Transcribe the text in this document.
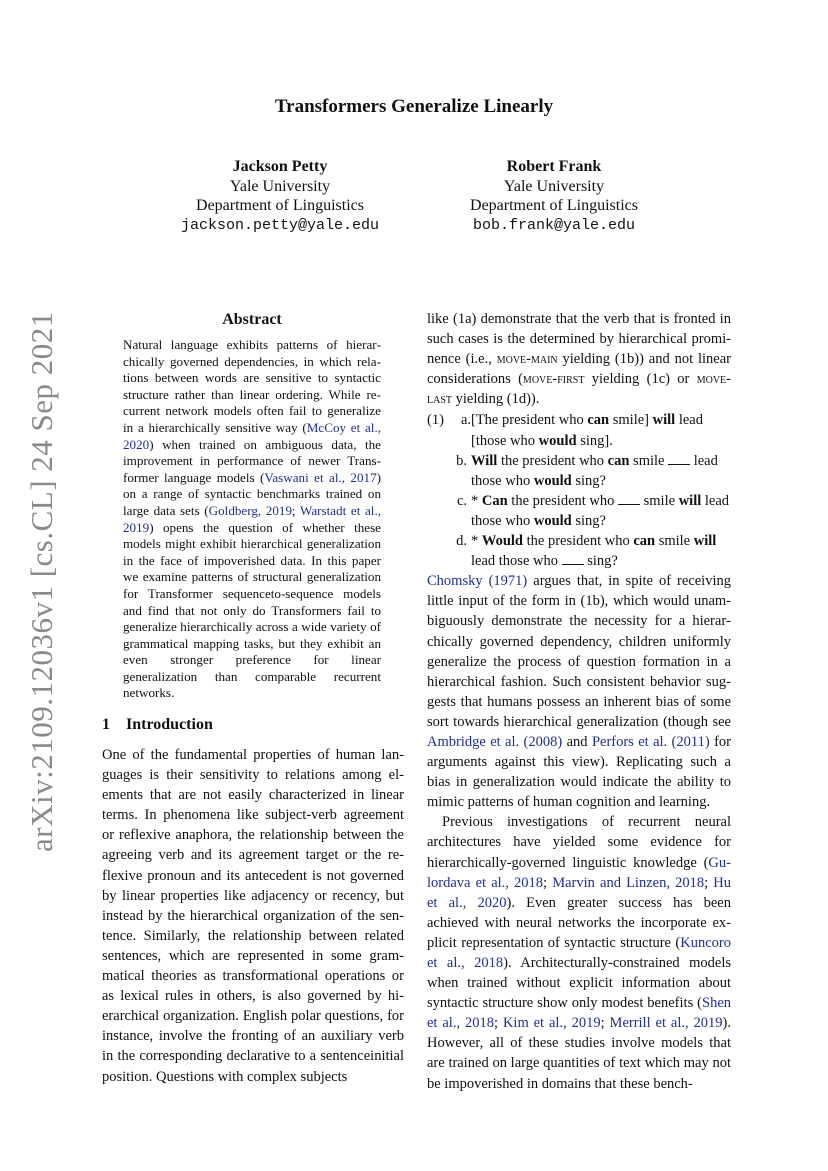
arXiv:2109.12036v1 [cs.CL] 24 Sep 2021
Transformers Generalize Linearly
Jackson Petty
Yale University
Department of Linguistics
jackson.petty@yale.edu
Robert Frank
Yale University
Department of Linguistics
bob.frank@yale.edu
Abstract

Natural language exhibits patterns of hierarchically governed dependencies, in which relations between words are sensitive to syntactic structure rather than linear ordering. While recurrent network models often fail to generalize in a hierarchically sensitive way (McCoy et al., 2020) when trained on ambiguous data, the improvement in performance of newer Transformer language models (Vaswani et al., 2017) on a range of syntactic benchmarks trained on large data sets (Goldberg, 2019; Warstadt et al., 2019) opens the question of whether these models might exhibit hierarchical generalization in the face of impoverished data. In this paper we examine patterns of structural generalization for Transformer sequenceto-sequence models and find that not only do Transformers fail to generalize hierarchically across a wide variety of grammatical mapping tasks, but they exhibit an even stronger preference for linear generalization than comparable recurrent networks.

1 Introduction

One of the fundamental properties of human languages is their sensitivity to relations among elements that are not easily characterized in linear terms. In phenomena like subject-verb agreement or reflexive anaphora, the relationship between the agreeing verb and its agreement target or the reflexive pronoun and its antecedent is not governed by linear properties like adjacency or recency, but instead by the hierarchical organization of the sentence. Similarly, the relationship between related sentences, which are represented in some grammatical theories as transformational operations or as lexical rules in others, is also governed by hierarchical organization. English polar questions, for instance, involve the fronting of an auxiliary verb in the corresponding declarative to a sentenceinitial position. Questions with complex subjects

like (1a) demonstrate that the verb that is fronted in such cases is the determined by hierarchical prominence (i.e., move-main yielding (1b)) and not linear considerations (move-first yielding (1c) or move-last yielding (1d)).

(1)	a. [The president who can smile] will lead [those who would sing].
b. Will the president who can smile  lead those who would sing?
c. * Can the president who  smile will lead those who would sing?
d. * Would the president who can smile will lead those who  sing?

Chomsky (1971) argues that, in spite of receiving little input of the form in (1b), which would unambiguously demonstrate the necessity for a hierarchically governed dependency, children uniformly generalize the process of question formation in a hierarchical fashion. Such consistent behavior suggests that humans possess an inherent bias of some sort towards hierarchical generalization (though see Ambridge et al. (2008) and Perfors et al. (2011) for arguments against this view). Replicating such a bias in generalization would indicate the ability to mimic patterns of human cognition and learning.

Previous investigations of recurrent neural architectures have yielded some evidence for hierarchically-governed linguistic knowledge (Gulordava et al., 2018; Marvin and Linzen, 2018; Hu et al., 2020). Even greater success has been achieved with neural networks the incorporate explicit representation of syntactic structure (Kuncoro et al., 2018). Architecturally-constrained models when trained without explicit information about syntactic structure show only modest benefits (Shen et al., 2018; Kim et al., 2019; Merrill et al., 2019). However, all of these studies involve models that are trained on large quantities of text which may not be impoverished in domains that these bench-
